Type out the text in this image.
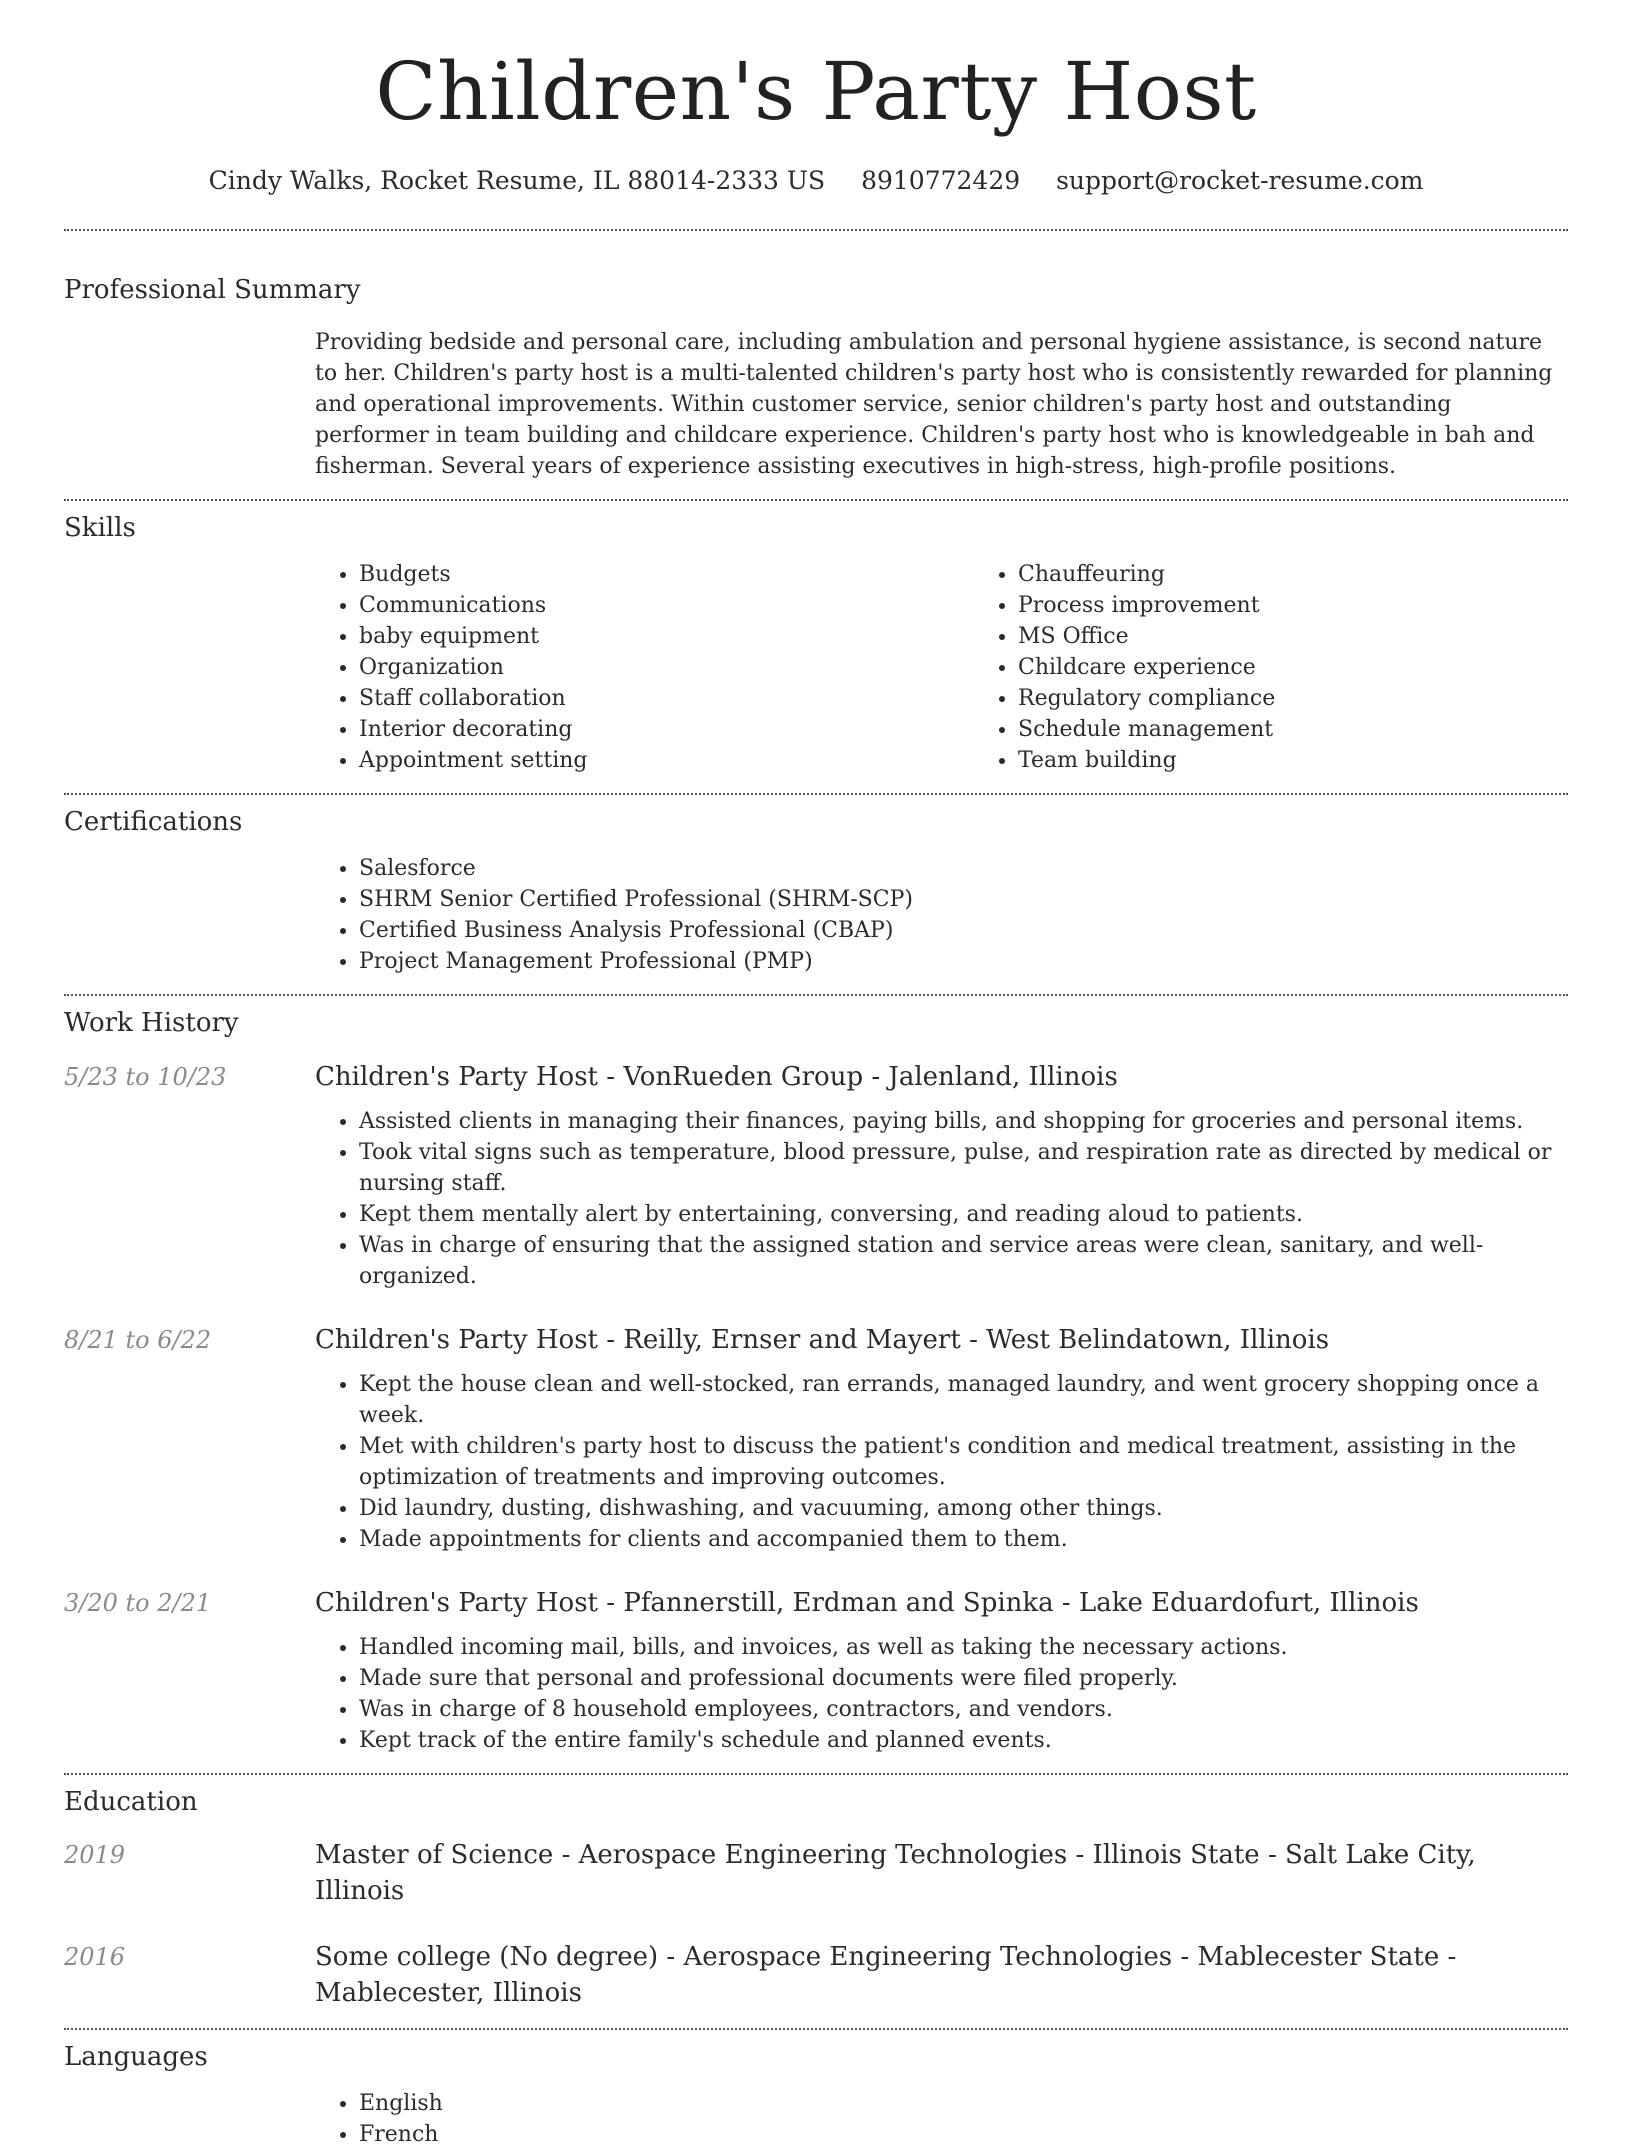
Children's Party Host
Cindy Walks, Rocket Resume, IL 88014-2333 US 8910772429 support@rocket-resume.com
Professional Summary

Providing bedside and personal care, including ambulation and personal hygiene assistance, is second nature to her. Children's party host is a multi-talented children's party host who is consistently rewarded for planning and operational improvements. Within customer service, senior children's party host and outstanding performer in team building and childcare experience. Children's party host who is knowledgeable in bah and fisherman. Several years of experience assisting executives in high-stress, high-profile positions.

Skills
• Budgets
• Communications
• baby equipment
• Organization
• Staff collaboration
• Interior decorating
• Appointment setting
• Chauffeuring
• Process improvement
• MS Office
• Childcare experience
• Regulatory compliance
• Schedule management
• Team building
Certifications
• Salesforce
• SHRM Senior Certified Professional (SHRM-SCP)
• Certified Business Analysis Professional (CBAP)
• Project Management Professional (PMP)
Work History
5/23 to 10/23	Children's Party Host - VonRueden Group - Jalenland, Illinois
• Assisted clients in managing their finances, paying bills, and shopping for groceries and personal items.
• Took vital signs such as temperature, blood pressure, pulse, and respiration rate as directed by medical or nursing staff.
• Kept them mentally alert by entertaining, conversing, and reading aloud to patients.
• Was in charge of ensuring that the assigned station and service areas were clean, sanitary, and well-organized.
8/21 to 6/22	Children's Party Host - Reilly, Ernser and Mayert - West Belindatown, Illinois
• Kept the house clean and well-stocked, ran errands, managed laundry, and went grocery shopping once a week.
• Met with children's party host to discuss the patient's condition and medical treatment, assisting in the optimization of treatments and improving outcomes.
• Did laundry, dusting, dishwashing, and vacuuming, among other things.
• Made appointments for clients and accompanied them to them.
3/20 to 2/21	Children's Party Host - Pfannerstill, Erdman and Spinka - Lake Eduardofurt, Illinois
• Handled incoming mail, bills, and invoices, as well as taking the necessary actions.
• Made sure that personal and professional documents were filed properly.
• Was in charge of 8 household employees, contractors, and vendors.
• Kept track of the entire family's schedule and planned events.
Education
2019	Master of Science - Aerospace Engineering Technologies - Illinois State - Salt Lake City, Illinois
2016	Some college (No degree) - Aerospace Engineering Technologies - Mablecester State - Mablecester, Illinois
Languages
• English
• French
